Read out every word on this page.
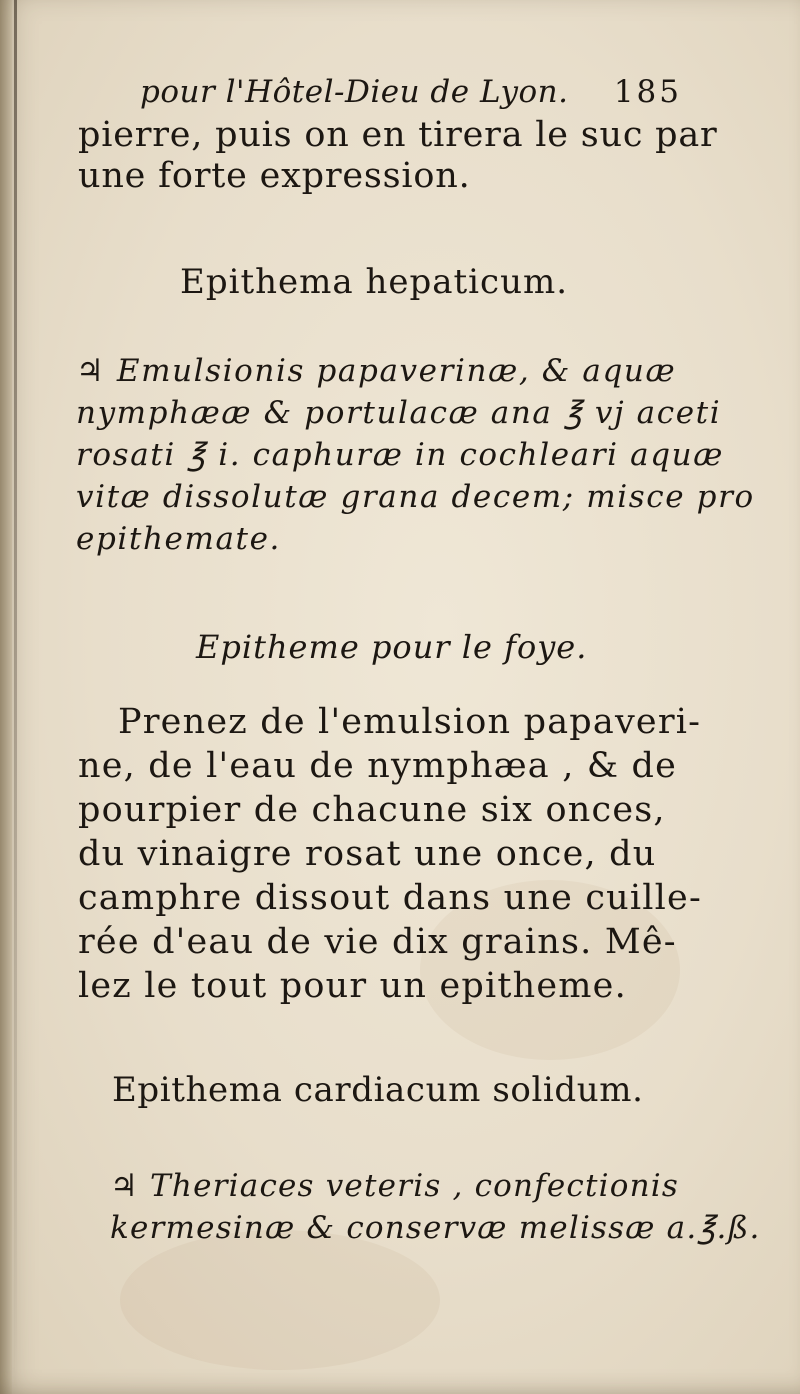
pour l'Hôtel-Dieu de Lyon. 185
pierre, puis on en tirera le suc par
une forte expression.
Epithema hepaticum.
♃ Emulsionis papaverinæ, & aquæ
nymphææ & portulacæ ana ℥ vj aceti
rosati ℥ i. caphuræ in cochleari aquæ
vitæ dissolutæ grana decem; misce pro
epithemate.
Epitheme pour le foye.
Prenez de l'emulsion papaveri-
ne, de l'eau de nymphæa , & de
pourpier de chacune six onces,
du vinaigre rosat une once, du
camphre dissout dans une cuille-
rée d'eau de vie dix grains. Mê-
lez le tout pour un epitheme.
Epithema cardiacum solidum.
♃ Theriaces veteris , confectionis
kermesinæ & conservæ melissæ a.℥.ß.
